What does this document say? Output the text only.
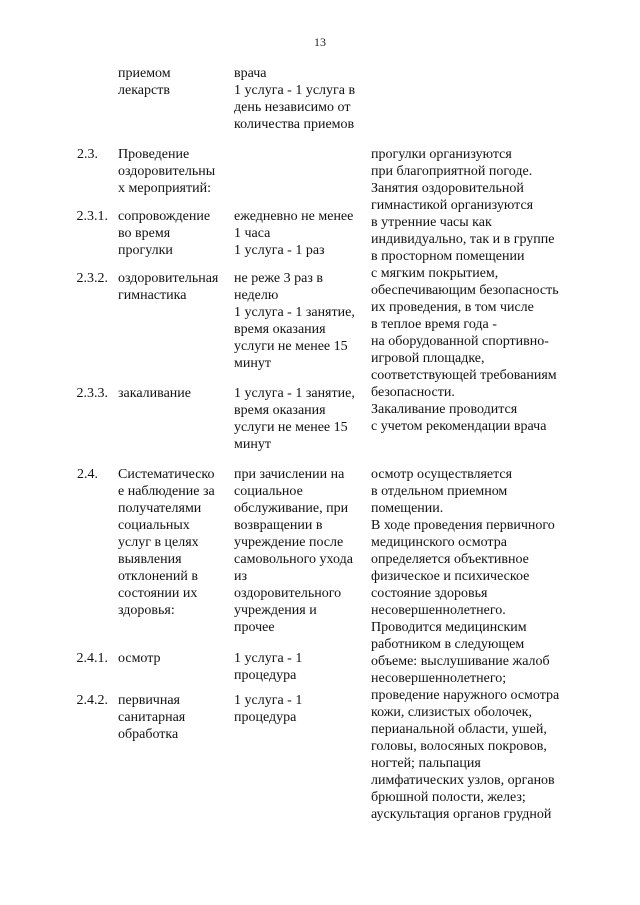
13
приемом
лекарств
врача
1 услуга - 1 услуга в
день независимо от
количества приемов
2.3. Проведение
оздоровительны
х мероприятий:
2.3.1. сопровождение
во время
прогулки
ежедневно не менее
1 часа
1 услуга - 1 раз
2.3.2. оздоровительная
гимнастика
не реже 3 раз в
неделю
1 услуга - 1 занятие,
время оказания
услуги не менее 15
минут
2.3.3. закаливание	1 услуга - 1 занятие,
время оказания
услуги не менее 15
минут
2.4. Систематическо
е наблюдение за
получателями
социальных
услуг в целях
выявления
отклонений в
состоянии их
здоровья:
при зачислении на
социальное
обслуживание, при
возвращении в
учреждение после
самовольного ухода
из
оздоровительного
учреждения и
прочее
2.4.1. осмотр	1 услуга - 1
процедура
2.4.2. первичная
санитарная
обработка
1 услуга - 1
процедура
прогулки организуются
при благоприятной погоде.
Занятия оздоровительной
гимнастикой организуются
в утренние часы как
индивидуально, так и в группе
в просторном помещении
с мягким покрытием,
обеспечивающим безопасность
их проведения, в том числе
в теплое время года -
на оборудованной спортивно-
игровой площадке,
соответствующей требованиям
безопасности.
Закаливание проводится
с учетом рекомендации врача
осмотр осуществляется
в отдельном приемном
помещении.
В ходе проведения первичного
медицинского осмотра
определяется объективное
физическое и психическое
состояние здоровья
несовершеннолетнего.
Проводится медицинским
работником в следующем
объеме: выслушивание жалоб
несовершеннолетнего;
проведение наружного осмотра
кожи, слизистых оболочек,
перианальной области, ушей,
головы, волосяных покровов,
ногтей; пальпация
лимфатических узлов, органов
брюшной полости, желез;
аускультация органов грудной
